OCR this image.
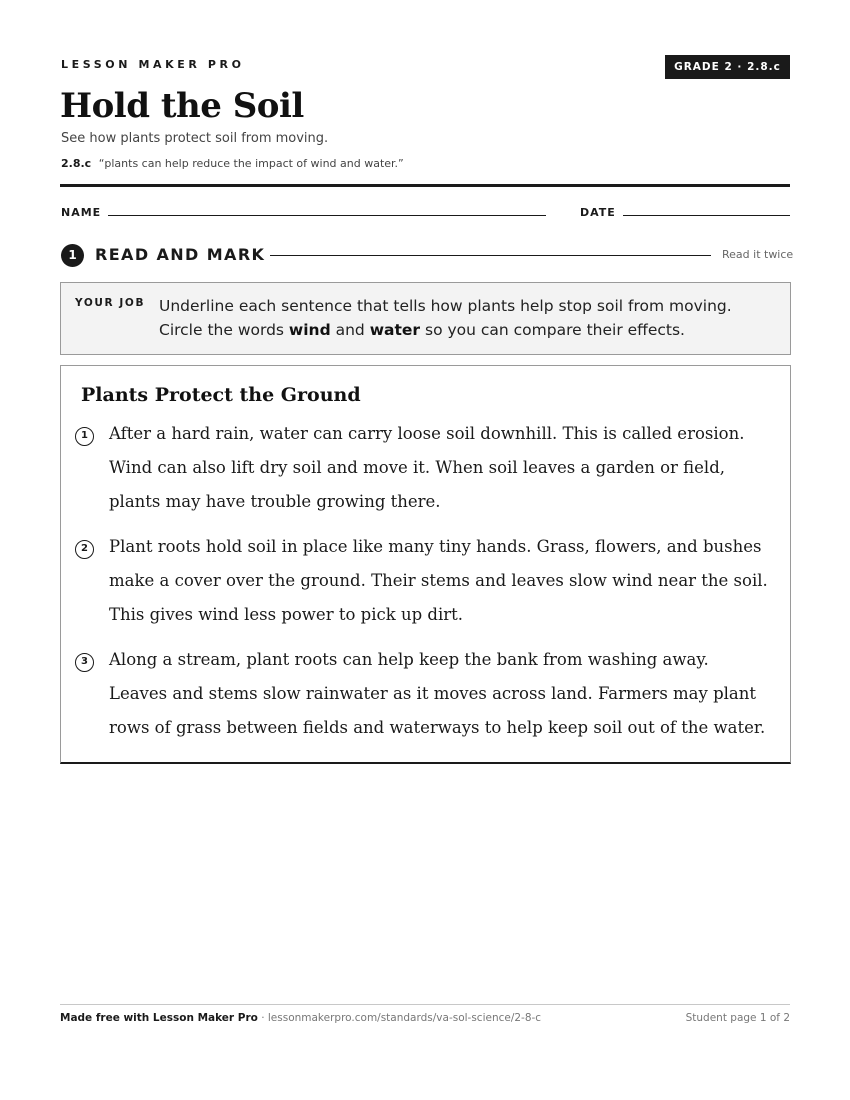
LESSON MAKER PRO	GRADE 2 · 2.8.c
Hold the Soil
See how plants protect soil from moving.
2.8.c “plants can help reduce the impact of wind and water.”
NAME	DATE
1	READ AND MARK	Read it twice
YOUR JOB Underline each sentence that tells how plants help stop soil from moving. Circle the words wind and water so you can compare their effects.
Plants Protect the Ground
1	After a hard rain, water can carry loose soil downhill. This is called erosion. Wind can also lift dry soil and move it. When soil leaves a garden or field, plants may have trouble growing there.
2	Plant roots hold soil in place like many tiny hands. Grass, flowers, and bushes make a cover over the ground. Their stems and leaves slow wind near the soil. This gives wind less power to pick up dirt.
3	Along a stream, plant roots can help keep the bank from washing away. Leaves and stems slow rainwater as it moves across land. Farmers may plant rows of grass between fields and waterways to help keep soil out of the water.
Made free with Lesson Maker Pro · lessonmakerpro.com/standards/va-sol-science/2-8-c	Student page 1 of 2
